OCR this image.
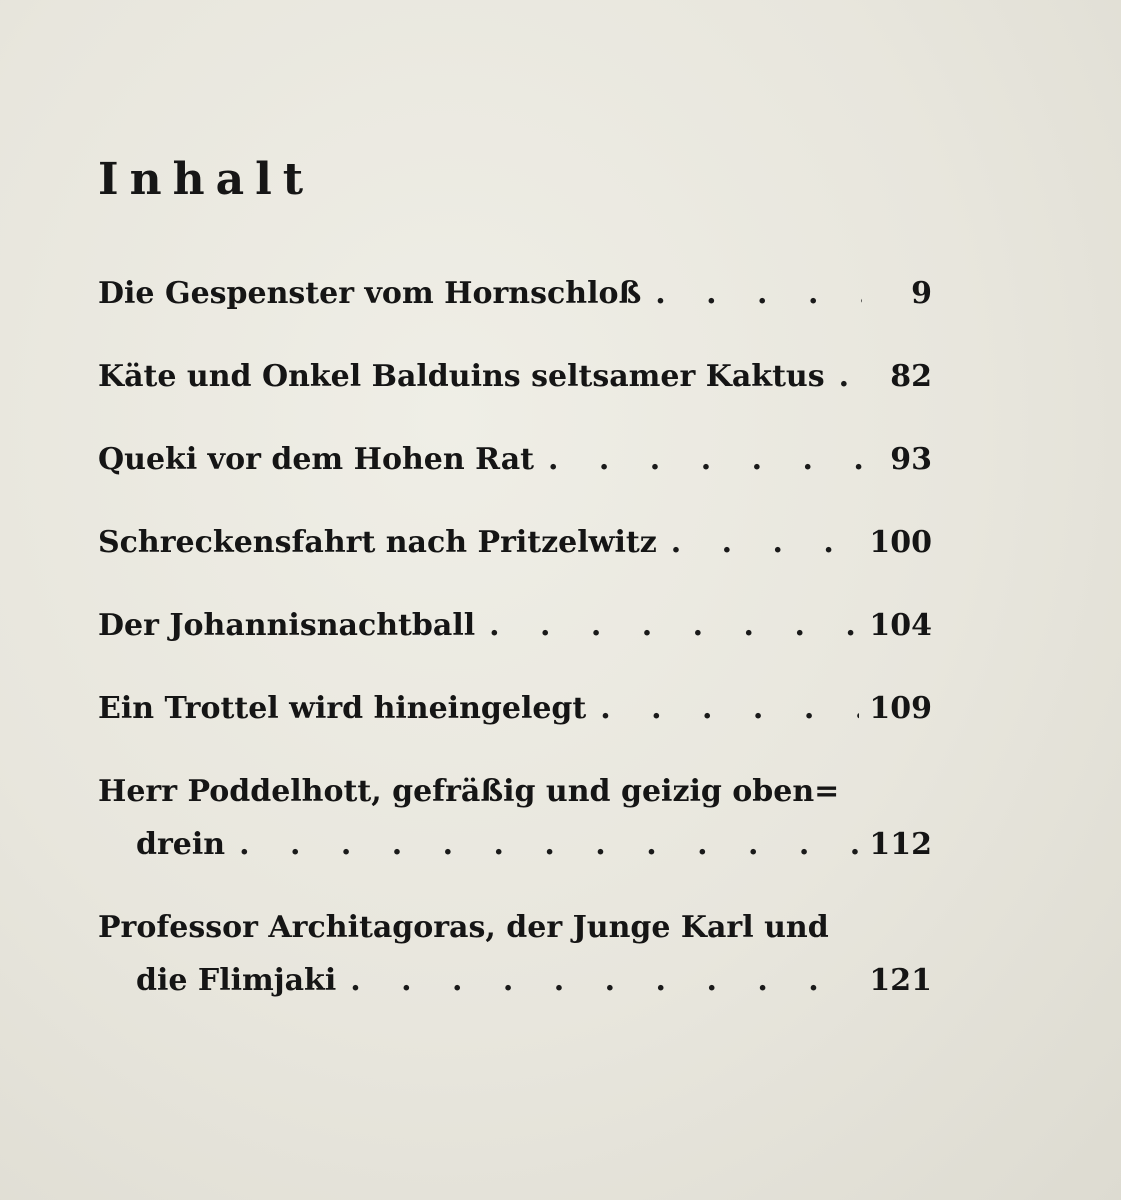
Inhalt
Die Gespenster vom Hornschloß . . .	9
Käte und Onkel Balduins seltsamer Kaktus . . .	82
Queki vor dem Hohen Rat . . .	93
Schreckensfahrt nach Pritzelwitz . . .	100
Der Johannisnachtball . . .	104
Ein Trottel wird hineingelegt . . .	109
Herr Poddelhott, gefräßig und geizig oben=
drein . . .	112
Professor Architagoras, der Junge Karl und
die Flimjaki . . .	121
